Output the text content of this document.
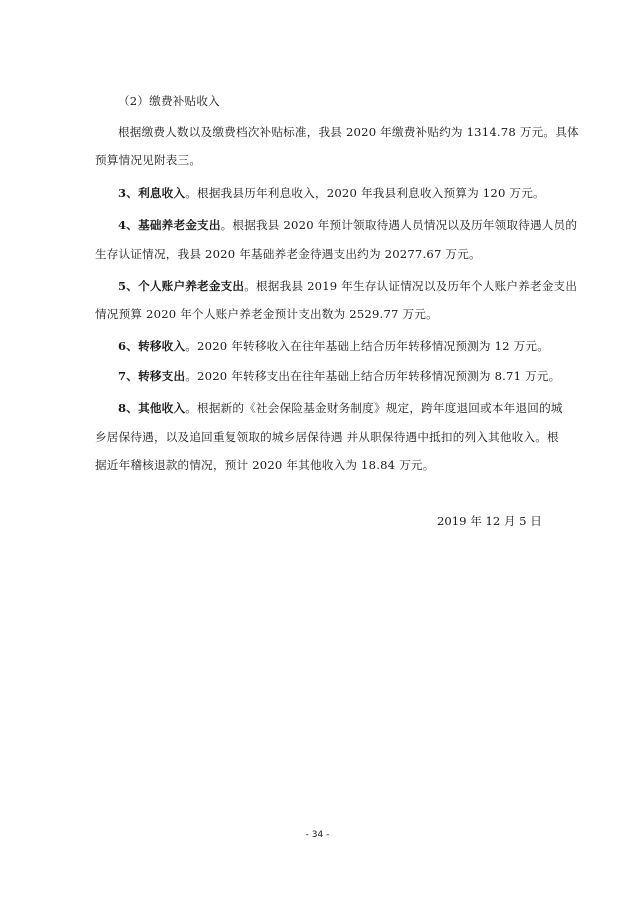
（2）缴费补贴收入
根据缴费人数以及缴费档次补贴标准，我县 2020 年缴费补贴约为 1314.78 万元。具体
预算情况见附表三。
3、利息收入。根据我县历年利息收入，2020 年我县利息收入预算为 120 万元。
4、基础养老金支出。根据我县 2020 年预计领取待遇人员情况以及历年领取待遇人员的
生存认证情况，我县 2020 年基础养老金待遇支出约为 20277.67 万元。
5、个人账户养老金支出。根据我县 2019 年生存认证情况以及历年个人账户养老金支出
情况预算 2020 年个人账户养老金预计支出数为 2529.77 万元。
6、转移收入。2020 年转移收入在往年基础上结合历年转移情况预测为 12 万元。
7、转移支出。2020 年转移支出在往年基础上结合历年转移情况预测为 8.71 万元。
8、其他收入。根据新的《社会保险基金财务制度》规定，跨年度退回或本年退回的城
乡居保待遇，以及追回重复领取的城乡居保待遇 并从职保待遇中抵扣的列入其他收入。根
据近年稽核退款的情况，预计 2020 年其他收入为 18.84 万元。
2019 年 12 月 5 日
- 34 -
